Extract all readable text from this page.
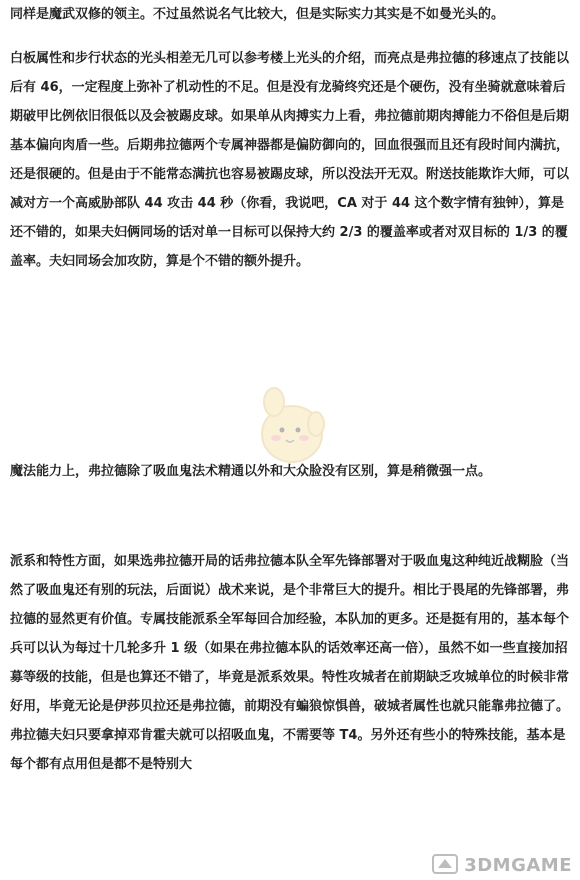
同样是魔武双修的领主。不过虽然说名气比较大，但是实际实力其实是不如曼光头的。

白板属性和步行状态的光头相差无几可以参考楼上光头的介绍，而亮点是弗拉德的移速点了技能以后有 46，一定程度上弥补了机动性的不足。但是没有龙骑终究还是个硬伤，没有坐骑就意味着后期破甲比例依旧很低以及会被踢皮球。如果单从肉搏实力上看，弗拉德前期肉搏能力不俗但是后期基本偏向肉盾一些。后期弗拉德两个专属神器都是偏防御向的，回血很强而且还有段时间内满抗，还是很硬的。但是由于不能常态满抗也容易被踢皮球，所以没法开无双。附送技能欺诈大师，可以减对方一个高威胁部队 44 攻击 44 秒（你看，我说吧，CA 对于 44 这个数字情有独钟），算是还不错的，如果夫妇俩同场的话对单一目标可以保持大约 2/3 的覆盖率或者对双目标的 1/3 的覆盖率。夫妇同场会加攻防，算是个不错的额外提升。

魔法能力上，弗拉德除了吸血鬼法术精通以外和大众脸没有区别，算是稍微强一点。

派系和特性方面，如果选弗拉德开局的话弗拉德本队全军先锋部署对于吸血鬼这种纯近战糊脸（当然了吸血鬼还有别的玩法，后面说）战术来说，是个非常巨大的提升。相比于畏尾的先锋部署，弗拉德的显然更有价值。专属技能派系全军每回合加经验，本队加的更多。还是挺有用的，基本每个兵可以认为每过十几轮多升 1 级（如果在弗拉德本队的话效率还高一倍），虽然不如一些直接加招募等级的技能，但是也算还不错了，毕竟是派系效果。特性攻城者在前期缺乏攻城单位的时候非常好用，毕竟无论是伊莎贝拉还是弗拉德，前期没有蝙狼惊惧兽，破城者属性也就只能靠弗拉德了。弗拉德夫妇只要拿掉邓肯霍夫就可以招吸血鬼，不需要等 T4。另外还有些小的特殊技能，基本是每个都有点用但是都不是特别大

3DMGAME
